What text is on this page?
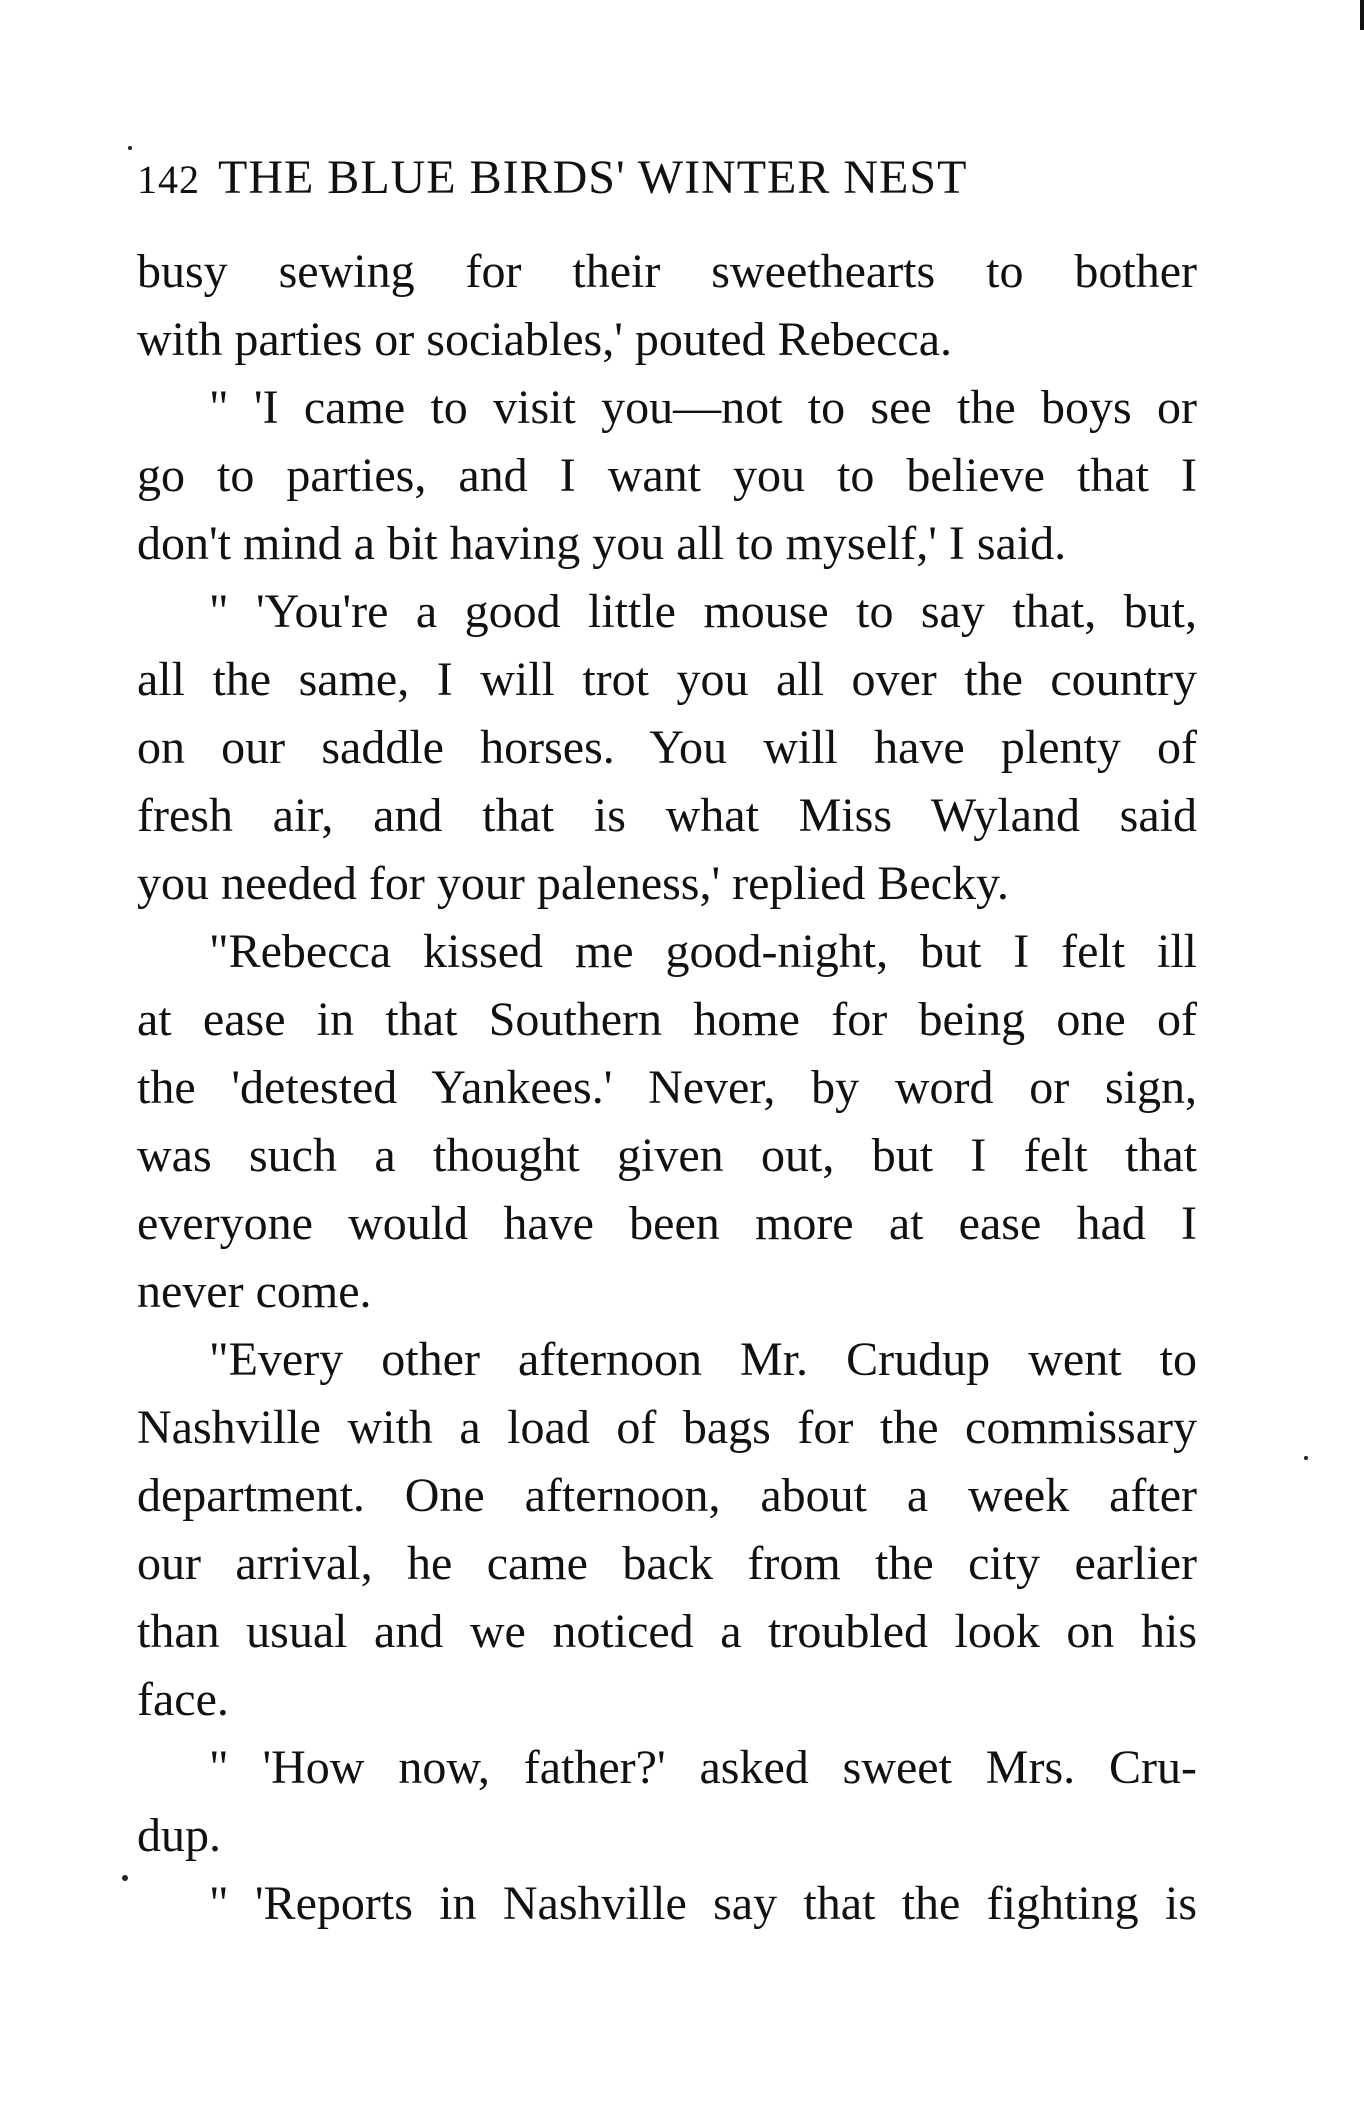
142 THE BLUE BIRDS' WINTER NEST
busy sewing for their sweethearts to bother
with parties or sociables,' pouted Rebecca.
" 'I came to visit you—not to see the boys or
go to parties, and I want you to believe that I
don't mind a bit having you all to myself,' I said.
" 'You're a good little mouse to say that, but,
all the same, I will trot you all over the country
on our saddle horses. You will have plenty of
fresh air, and that is what Miss Wyland said
you needed for your paleness,' replied Becky.
"Rebecca kissed me good-night, but I felt ill
at ease in that Southern home for being one of
the 'detested Yankees.' Never, by word or sign,
was such a thought given out, but I felt that
everyone would have been more at ease had I
never come.
"Every other afternoon Mr. Crudup went to
Nashville with a load of bags for the commissary
department. One afternoon, about a week after
our arrival, he came back from the city earlier
than usual and we noticed a troubled look on his
face.
" 'How now, father?' asked sweet Mrs. Cru-
dup.
" 'Reports in Nashville say that the fighting is
